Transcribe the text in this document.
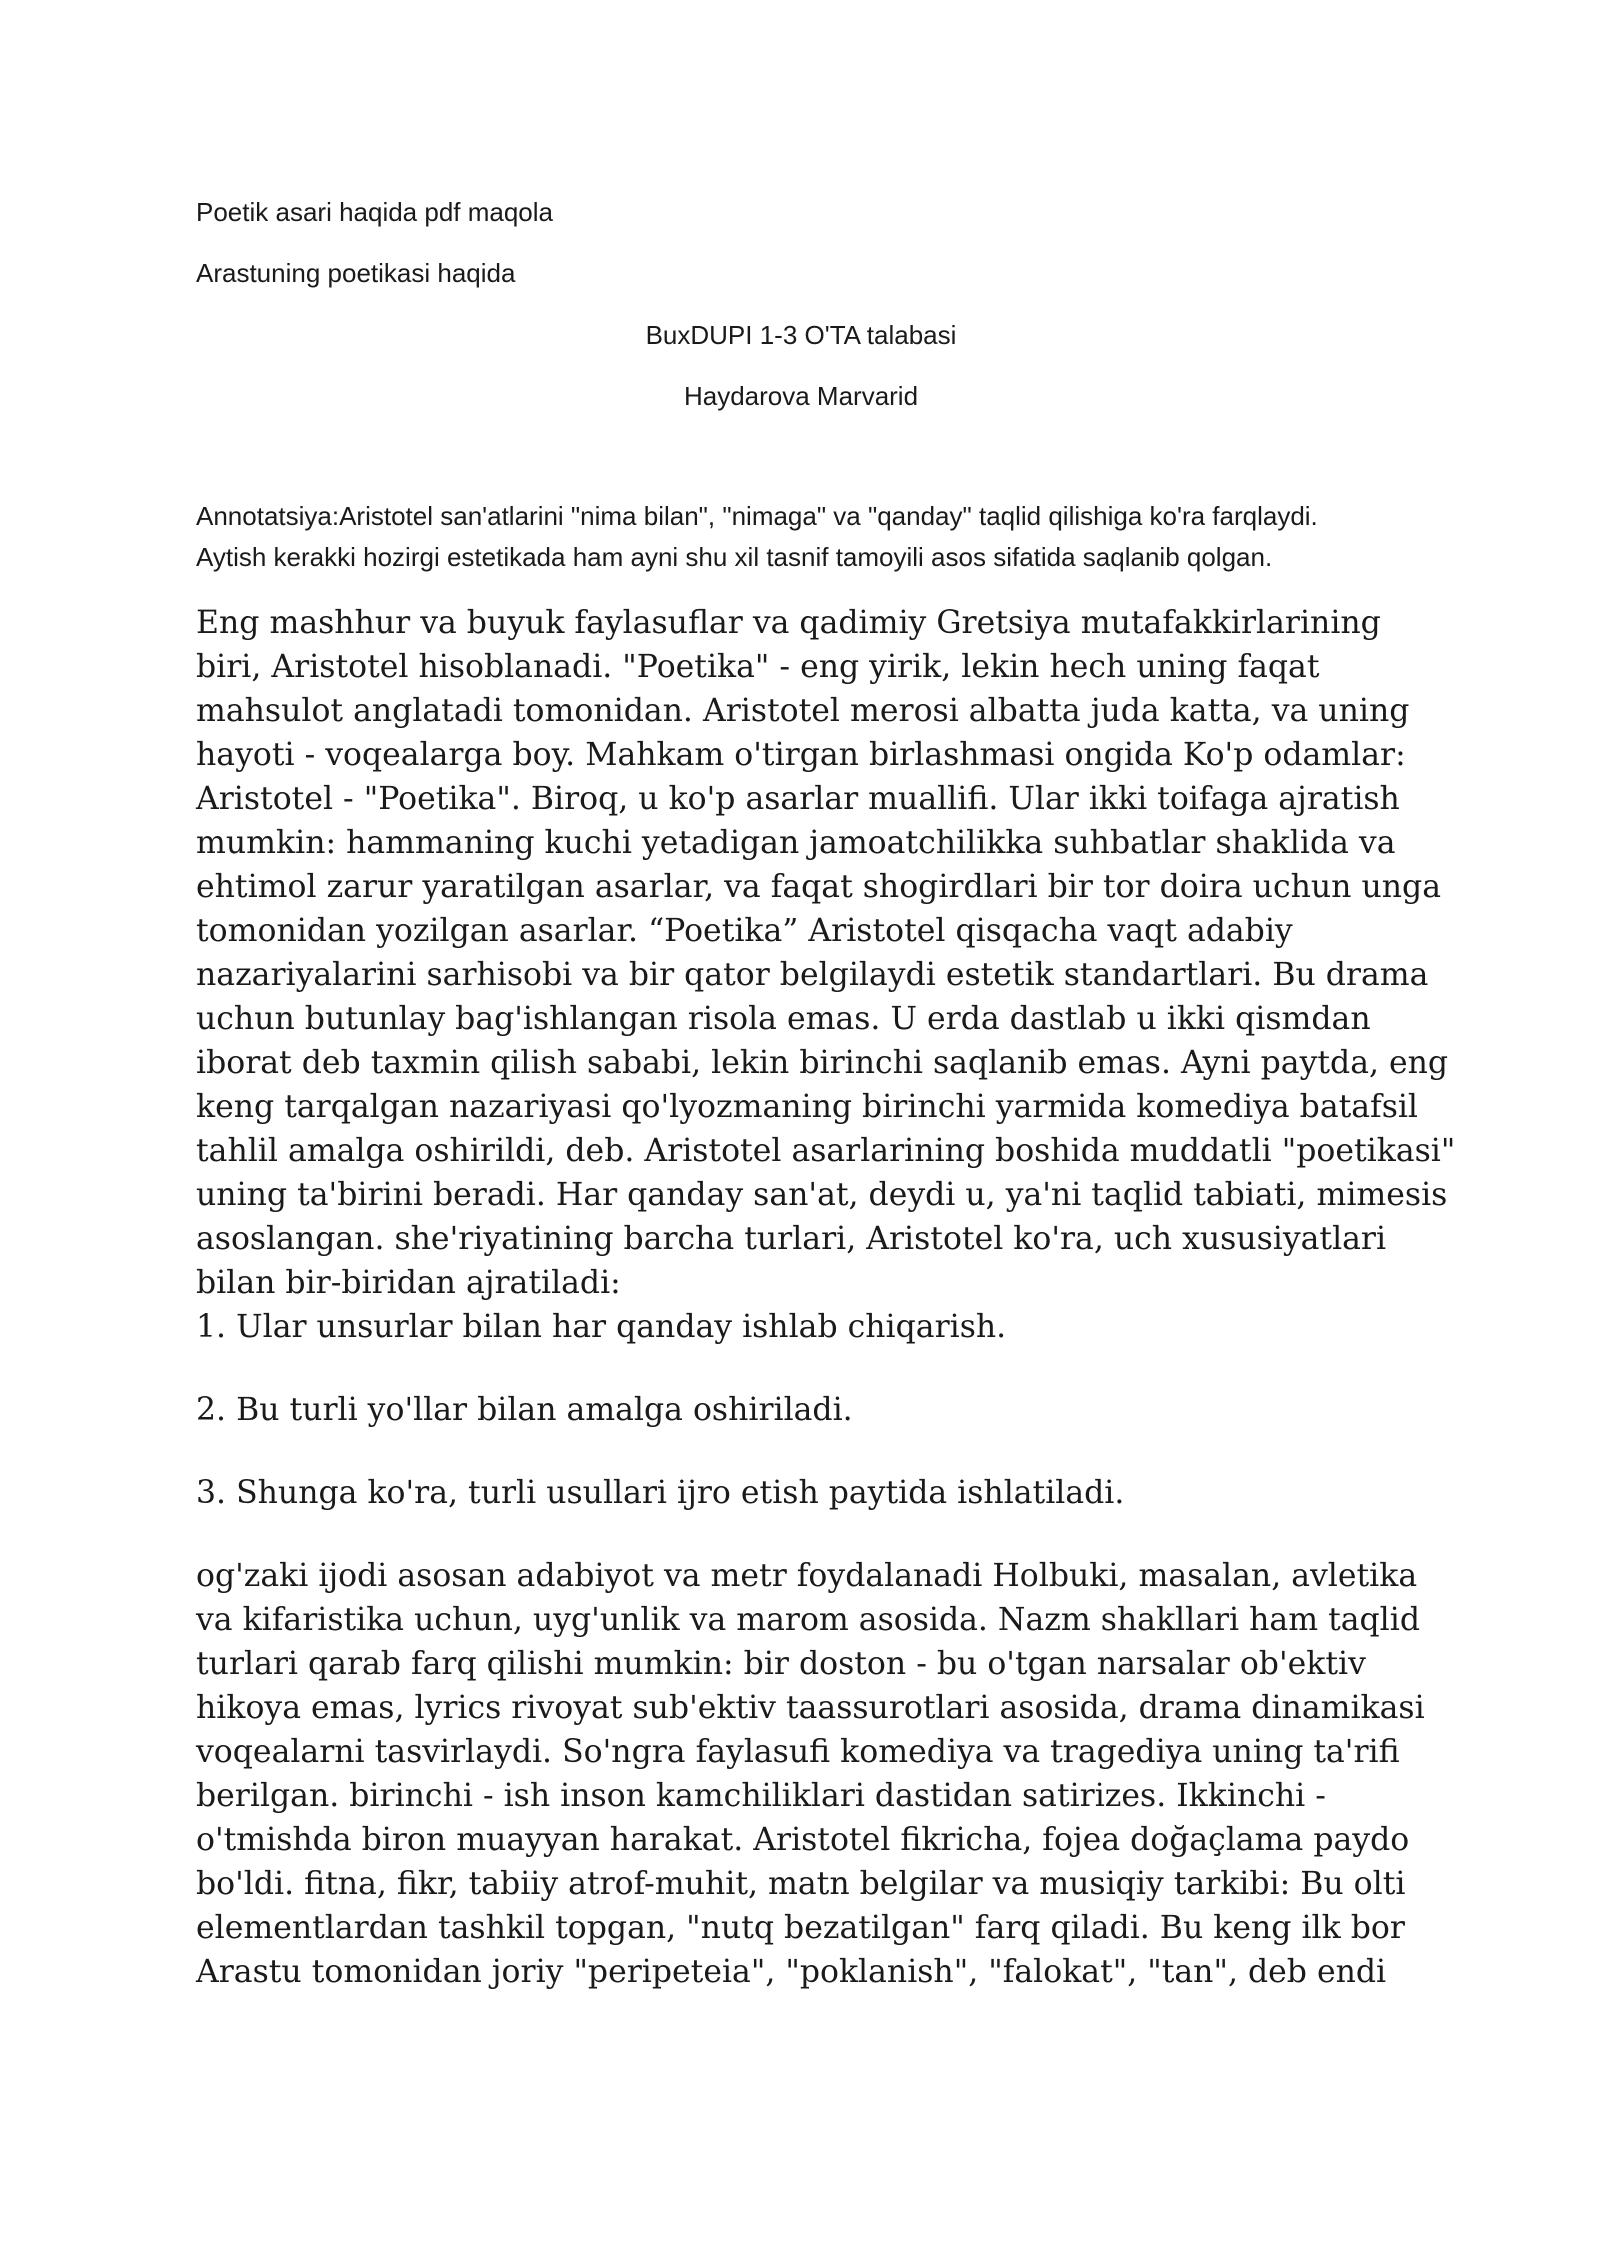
Poetik asari haqida pdf maqola
Arastuning poetikasi haqida
BuxDUPI 1-3 O'TA talabasi
Haydarova Marvarid
Annotatsiya:Aristotel san'atlarini "nima bilan", "nimaga" va "qanday" taqlid qilishiga ko'ra farqlaydi.
Aytish kerakki hozirgi estetikada ham ayni shu xil tasnif tamoyili asos sifatida saqlanib qolgan.
Eng mashhur va buyuk faylasuflar va qadimiy Gretsiya mutafakkirlarining
biri, Aristotel hisoblanadi. "Poetika" - eng yirik, lekin hech uning faqat
mahsulot anglatadi tomonidan. Aristotel merosi albatta juda katta, va uning
hayoti - voqealarga boy. Mahkam o'tirgan birlashmasi ongida Ko'p odamlar:
Aristotel - "Poetika". Biroq, u ko'p asarlar muallifi. Ular ikki toifaga ajratish
mumkin: hammaning kuchi yetadigan jamoatchilikka suhbatlar shaklida va
ehtimol zarur yaratilgan asarlar, va faqat shogirdlari bir tor doira uchun unga
tomonidan yozilgan asarlar. “Poetika” Aristotel qisqacha vaqt adabiy
nazariyalarini sarhisobi va bir qator belgilaydi estetik standartlari. Bu drama
uchun butunlay bag'ishlangan risola emas. U erda dastlab u ikki qismdan
iborat deb taxmin qilish sababi, lekin birinchi saqlanib emas. Ayni paytda, eng
keng tarqalgan nazariyasi qo'lyozmaning birinchi yarmida komediya batafsil
tahlil amalga oshirildi, deb. Aristotel asarlarining boshida muddatli "poetikasi"
uning ta'birini beradi. Har qanday san'at, deydi u, ya'ni taqlid tabiati, mimesis
asoslangan. she'riyatining barcha turlari, Aristotel ko'ra, uch xususiyatlari
bilan bir-biridan ajratiladi:
1. Ular unsurlar bilan har qanday ishlab chiqarish.
2. Bu turli yo'llar bilan amalga oshiriladi.
3. Shunga ko'ra, turli usullari ijro etish paytida ishlatiladi.
og'zaki ijodi asosan adabiyot va metr foydalanadi Holbuki, masalan, avletika
va kifaristika uchun, uyg'unlik va marom asosida. Nazm shakllari ham taqlid
turlari qarab farq qilishi mumkin: bir doston - bu o'tgan narsalar ob'ektiv
hikoya emas, lyrics rivoyat sub'ektiv taassurotlari asosida, drama dinamikasi
voqealarni tasvirlaydi. So'ngra faylasufi komediya va tragediya uning ta'rifi
berilgan. birinchi - ish inson kamchiliklari dastidan satirizes. Ikkinchi -
o'tmishda biron muayyan harakat. Aristotel fikricha, fojea doğaçlama paydo
bo'ldi. fitna, fikr, tabiiy atrof-muhit, matn belgilar va musiqiy tarkibi: Bu olti
elementlardan tashkil topgan, "nutq bezatilgan" farq qiladi. Bu keng ilk bor
Arastu tomonidan joriy "peripeteia", "poklanish", "falokat", "tan", deb endi
